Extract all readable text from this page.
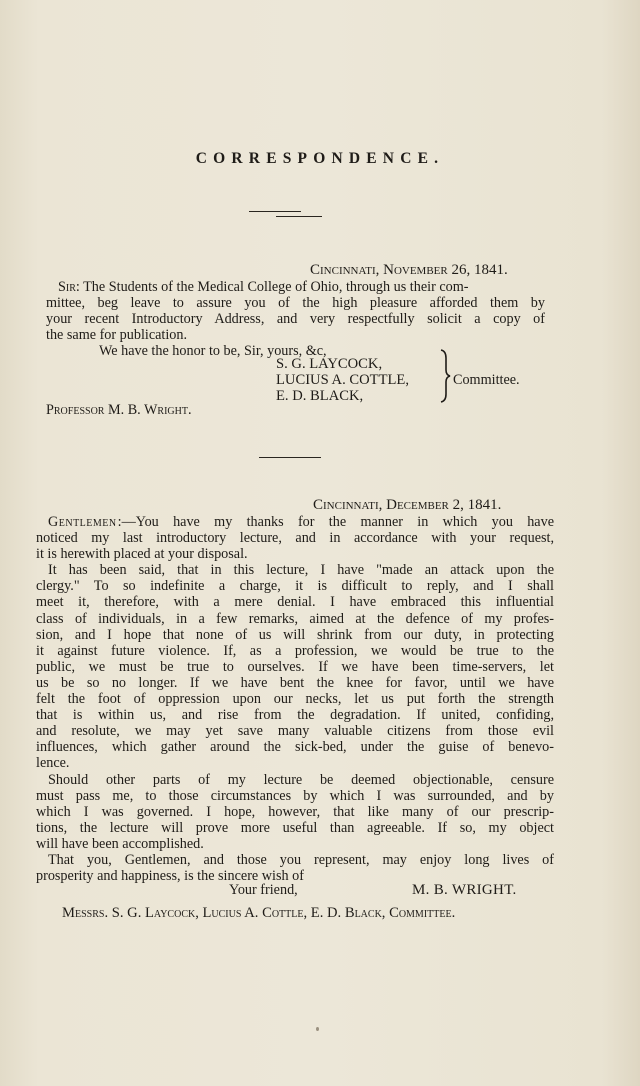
CORRESPONDENCE.
Cincinnati, November 26, 1841.
Sir: The Students of the Medical College of Ohio, through us their com-
mittee, beg leave to assure you of the high pleasure afforded them by
your recent Introductory Address, and very respectfully solicit a copy of
the same for publication.
We have the honor to be, Sir, yours, &c,
S. G. LAYCOCK,
LUCIUS A. COTTLE,
E. D. BLACK,
Committee.
Professor M. B. Wright.
Cincinnati, December 2, 1841.
Gentlemen :—You have my thanks for the manner in which you have
noticed my last introductory lecture, and in accordance with your request,
it is herewith placed at your disposal.
It has been said, that in this lecture, I have "made an attack upon the
clergy." To so indefinite a charge, it is difficult to reply, and I shall
meet it, therefore, with a mere denial. I have embraced this influential
class of individuals, in a few remarks, aimed at the defence of my profes-
sion, and I hope that none of us will shrink from our duty, in protecting
it against future violence. If, as a profession, we would be true to the
public, we must be true to ourselves. If we have been time-servers, let
us be so no longer. If we have bent the knee for favor, until we have
felt the foot of oppression upon our necks, let us put forth the strength
that is within us, and rise from the degradation. If united, confiding,
and resolute, we may yet save many valuable citizens from those evil
influences, which gather around the sick-bed, under the guise of benevo-
lence.
Should other parts of my lecture be deemed objectionable, censure
must pass me, to those circumstances by which I was surrounded, and by
which I was governed. I hope, however, that like many of our prescrip-
tions, the lecture will prove more useful than agreeable. If so, my object
will have been accomplished.
That you, Gentlemen, and those you represent, may enjoy long lives of
prosperity and happiness, is the sincere wish of
Your friend,	M. B. WRIGHT.
Messrs. S. G. Laycock, Lucius A. Cottle, E. D. Black, Committee.
